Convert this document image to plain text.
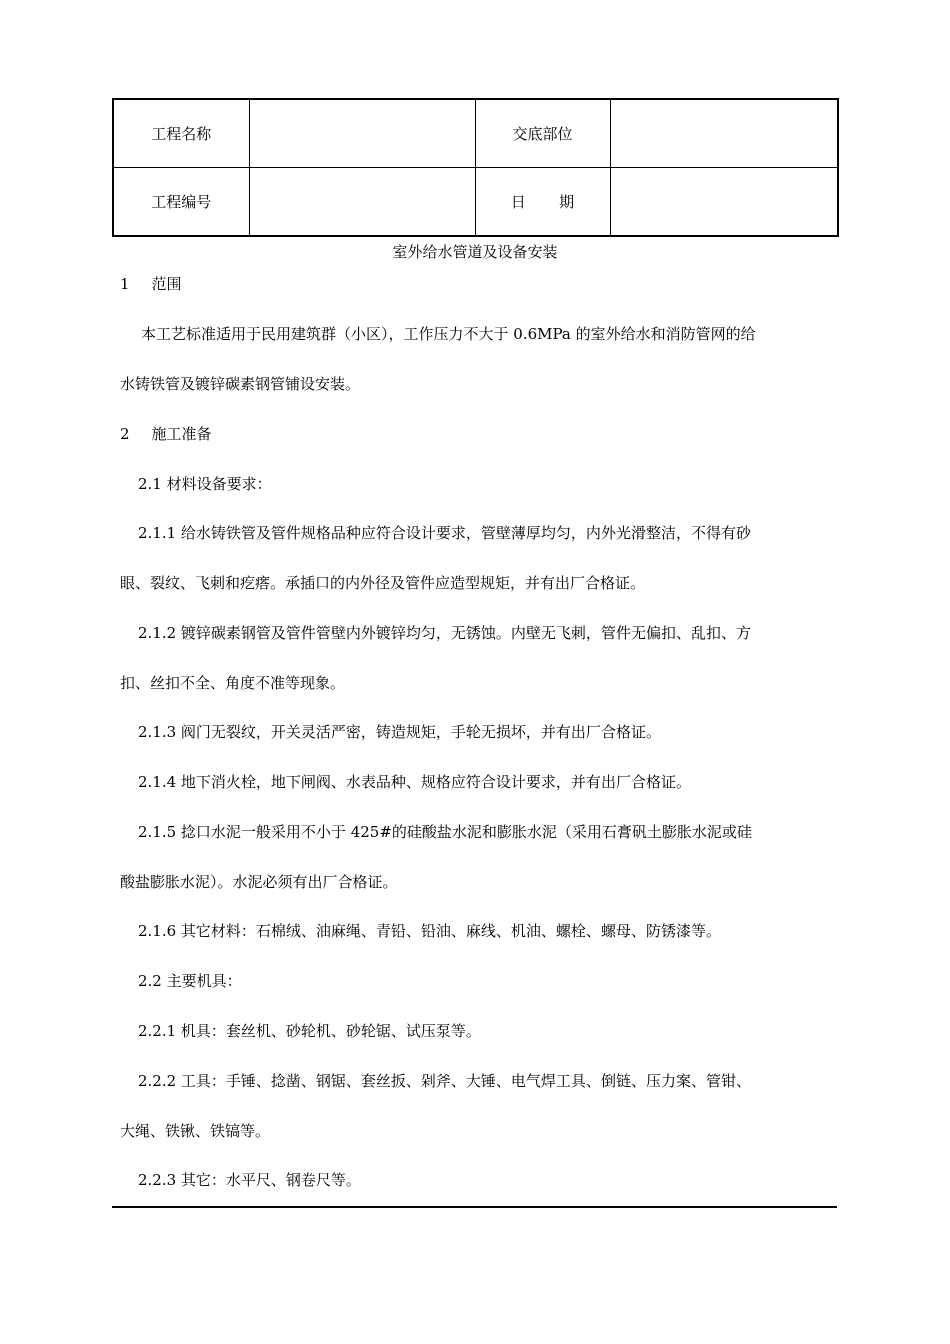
工程名称		交底部位	
工程编号		日       期	
室外给水管道及设备安装
1 范围
本工艺标准适用于民用建筑群（小区），工作压力不大于 0.6MPa 的室外给水和消防管网的给
水铸铁管及镀锌碳素钢管铺设安装。
2 施工准备
2.1 材料设备要求：
2.1.1 给水铸铁管及管件规格品种应符合设计要求，管壁薄厚均匀，内外光滑整洁，不得有砂
眼、裂纹、飞刺和疙瘩。承插口的内外径及管件应造型规矩，并有出厂合格证。
2.1.2 镀锌碳素钢管及管件管壁内外镀锌均匀，无锈蚀。内壁无飞刺，管件无偏扣、乱扣、方
扣、丝扣不全、角度不准等现象。
2.1.3 阀门无裂纹，开关灵活严密，铸造规矩，手轮无损坏，并有出厂合格证。
2.1.4 地下消火栓，地下闸阀、水表品种、规格应符合设计要求，并有出厂合格证。
2.1.5 捻口水泥一般采用不小于 425#的硅酸盐水泥和膨胀水泥（采用石膏矾土膨胀水泥或硅
酸盐膨胀水泥）。水泥必须有出厂合格证。
2.1.6 其它材料：石棉绒、油麻绳、青铅、铅油、麻线、机油、螺栓、螺母、防锈漆等。
2.2 主要机具：
2.2.1 机具：套丝机、砂轮机、砂轮锯、试压泵等。
2.2.2 工具：手锤、捻凿、钢锯、套丝扳、剁斧、大锤、电气焊工具、倒链、压力案、管钳、
大绳、铁锹、铁镐等。
2.2.3 其它：水平尺、钢卷尺等。
